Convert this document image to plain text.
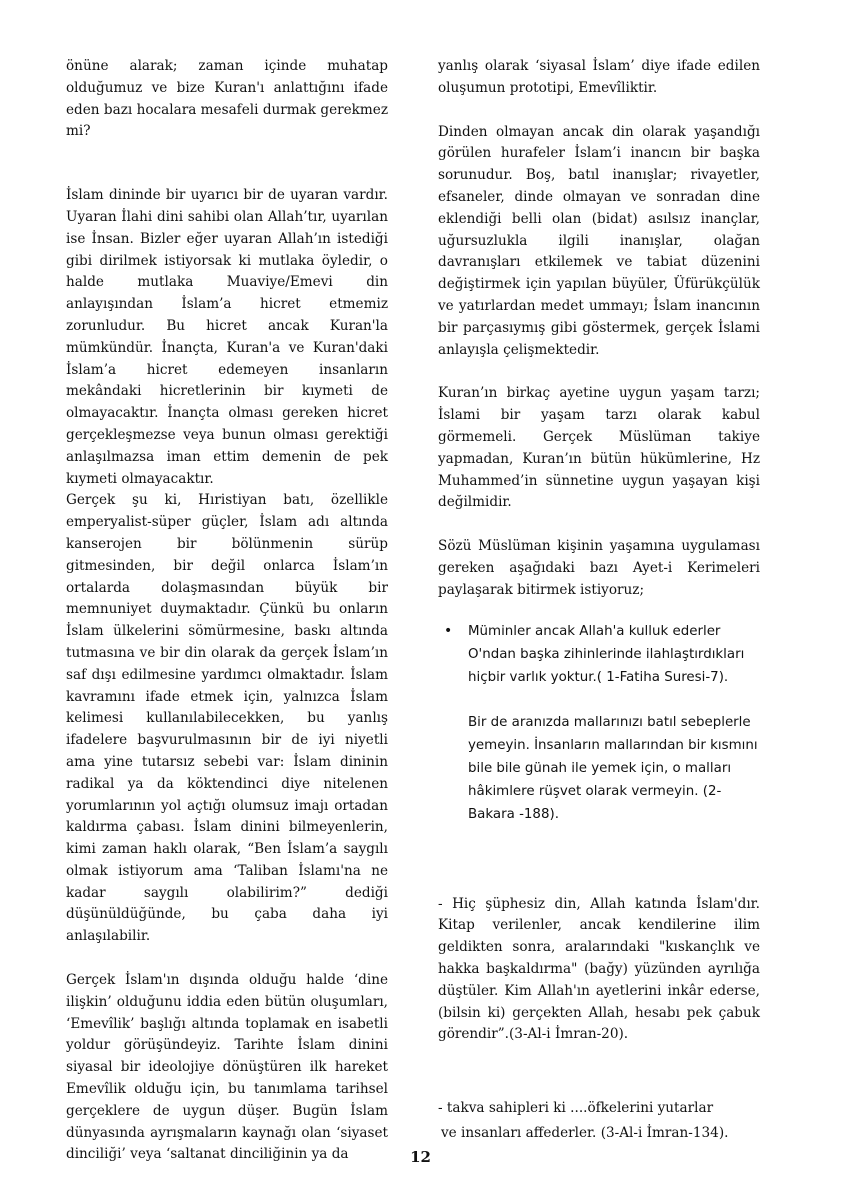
önüne alarak; zaman içinde muhatap olduğumuz ve bize Kuran'ı anlattığını ifade eden bazı hocalara mesafeli durmak gerekmez mi?

İslam dininde bir uyarıcı bir de uyaran vardır. Uyaran İlahi dini sahibi olan Allah’tır, uyarılan ise İnsan. Bizler eğer uyaran Allah’ın istediği gibi dirilmek istiyorsak ki mutlaka öyledir, o halde mutlaka Muaviye/Emevi din anlayışından İslam’a hicret etmemiz zorunludur. Bu hicret ancak Kuran'la mümkündür. İnançta, Kuran'a ve Kuran'daki İslam’a hicret edemeyen insanların mekândaki hicretlerinin bir kıymeti de olmayacaktır. İnançta olması gereken hicret gerçekleşmezse veya bunun olması gerektiği anlaşılmazsa iman ettim demenin de pek kıymeti olmayacaktır.

Gerçek şu ki, Hıristiyan batı, özellikle emperyalist-süper güçler, İslam adı altında kanserojen bir bölünmenin sürüp gitmesinden, bir değil onlarca İslam’ın ortalarda dolaşmasından büyük bir memnuniyet duymaktadır. Çünkü bu onların İslam ülkelerini sömürmesine, baskı altında tutmasına ve bir din olarak da gerçek İslam’ın saf dışı edilmesine yardımcı olmaktadır. İslam kavramını ifade etmek için, yalnızca İslam kelimesi kullanılabilecekken, bu yanlış ifadelere başvurulmasının bir de iyi niyetli ama yine tutarsız sebebi var: İslam dininin radikal ya da köktendinci diye nitelenen yorumlarının yol açtığı olumsuz imajı ortadan kaldırma çabası. İslam dinini bilmeyenlerin, kimi zaman haklı olarak, “Ben İslam’a saygılı olmak istiyorum ama ‘Taliban İslamı'na ne kadar saygılı olabilirim?” dediği düşünüldüğünde, bu çaba daha iyi anlaşılabilir.

Gerçek İslam'ın dışında olduğu halde ‘dine ilişkin’ olduğunu iddia eden bütün oluşumları, ‘Emevîlik’ başlığı altında toplamak en isabetli yoldur görüşündeyiz. Tarihte İslam dinini siyasal bir ideolojiye dönüştüren ilk hareket Emevîlik olduğu için, bu tanımlama tarihsel gerçeklere de uygun düşer. Bugün İslam dünyasında ayrışmaların kaynağı olan ‘siyaset dinciliği’ veya ‘saltanat dinciliğinin ya da

yanlış olarak ‘siyasal İslam’ diye ifade edilen oluşumun prototipi, Emevîliktir.

Dinden olmayan ancak din olarak yaşandığı görülen hurafeler İslam’i inancın bir başka sorunudur. Boş, batıl inanışlar; rivayetler, efsaneler, dinde olmayan ve sonradan dine eklendiği belli olan (bidat) asılsız inançlar, uğursuzlukla ilgili inanışlar, olağan davranışları etkilemek ve tabiat düzenini değiştirmek için yapılan büyüler, Üfürükçülük ve yatırlardan medet ummayı; İslam inancının bir parçasıymış gibi göstermek, gerçek İslami anlayışla çelişmektedir.

Kuran’ın birkaç ayetine uygun yaşam tarzı; İslami bir yaşam tarzı olarak kabul görmemeli. Gerçek Müslüman takiye yapmadan, Kuran’ın bütün hükümlerine, Hz Muhammed’in sünnetine uygun yaşayan kişi değilmidir.

Sözü Müslüman kişinin yaşamına uygulaması gereken aşağıdaki bazı Ayet-i Kerimeleri paylaşarak bitirmek istiyoruz;

• Müminler ancak Allah'a kulluk ederler O'ndan başka zihinlerinde ilahlaştırdıkları hiçbir varlık yoktur.( 1-Fatiha Suresi-7).

Bir de aranızda mallarınızı batıl sebeplerle yemeyin. İnsanların mallarından bir kısmını bile bile günah ile yemek için, o malları hâkimlere rüşvet olarak vermeyin. (2-Bakara -188).

- Hiç şüphesiz din, Allah katında İslam'dır. Kitap verilenler, ancak kendilerine ilim geldikten sonra, aralarındaki "kıskançlık ve hakka başkaldırma" (bağy) yüzünden ayrılığa düştüler. Kim Allah'ın ayetlerini inkâr ederse, (bilsin ki) gerçekten Allah, hesabı pek çabuk görendir”.(3-Al-i İmran-20).

- takva sahipleri ki ....öfkelerini yutarlar

ve insanları affederler. (3-Al-i İmran-134).

12
